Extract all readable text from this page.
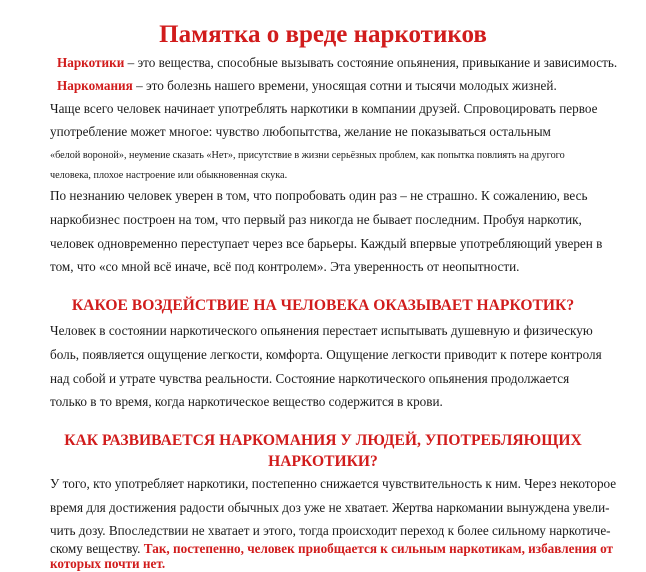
Памятка о вреде наркотиков
Наркотики – это вещества, способные вызывать состояние опьянения, привыкание и зависимость.
Наркомания – это болезнь нашего времени, уносящая сотни и тысячи молодых жизней.
Чаще всего человек начинает употреблять наркотики в компании друзей. Спровоцировать первое
употребление может многое: чувство любопытства, желание не показываться остальным
«белой вороной», неумение сказать «Нет», присутствие в жизни серьёзных проблем, как попытка повлиять на другого
человека, плохое настроение или обыкновенная скука.
По незнанию человек уверен в том, что попробовать один раз – не страшно. К сожалению, весь
наркобизнес построен на том, что первый раз никогда не бывает последним. Пробуя наркотик,
человек одновременно переступает через все барьеры. Каждый впервые употребляющий уверен в
том, что «со мной всё иначе, всё под контролем». Эта уверенность от неопытности.
КАКОЕ ВОЗДЕЙСТВИЕ НА ЧЕЛОВЕКА ОКАЗЫВАЕТ НАРКОТИК?
Человек в состоянии наркотического опьянения перестает испытывать душевную и физическую
боль, появляется ощущение легкости, комфорта. Ощущение легкости приводит к потере контроля
над собой и утрате чувства реальности. Состояние наркотического опьянения продолжается
только в то время, когда наркотическое вещество содержится в крови.
КАК РАЗВИВАЕТСЯ НАРКОМАНИЯ У ЛЮДЕЙ, УПОТРЕБЛЯЮЩИХ
НАРКОТИКИ?
У того, кто употребляет наркотики, постепенно снижается чувствительность к ним. Через некоторое
время для достижения радости обычных доз уже не хватает. Жертва наркомании вынуждена увели-
чить дозу. Впоследствии не хватает и этого, тогда происходит переход к более сильному наркотиче-
скому веществу. Так, постепенно, человек приобщается к сильным наркотикам, избавления от
которых почти нет.
